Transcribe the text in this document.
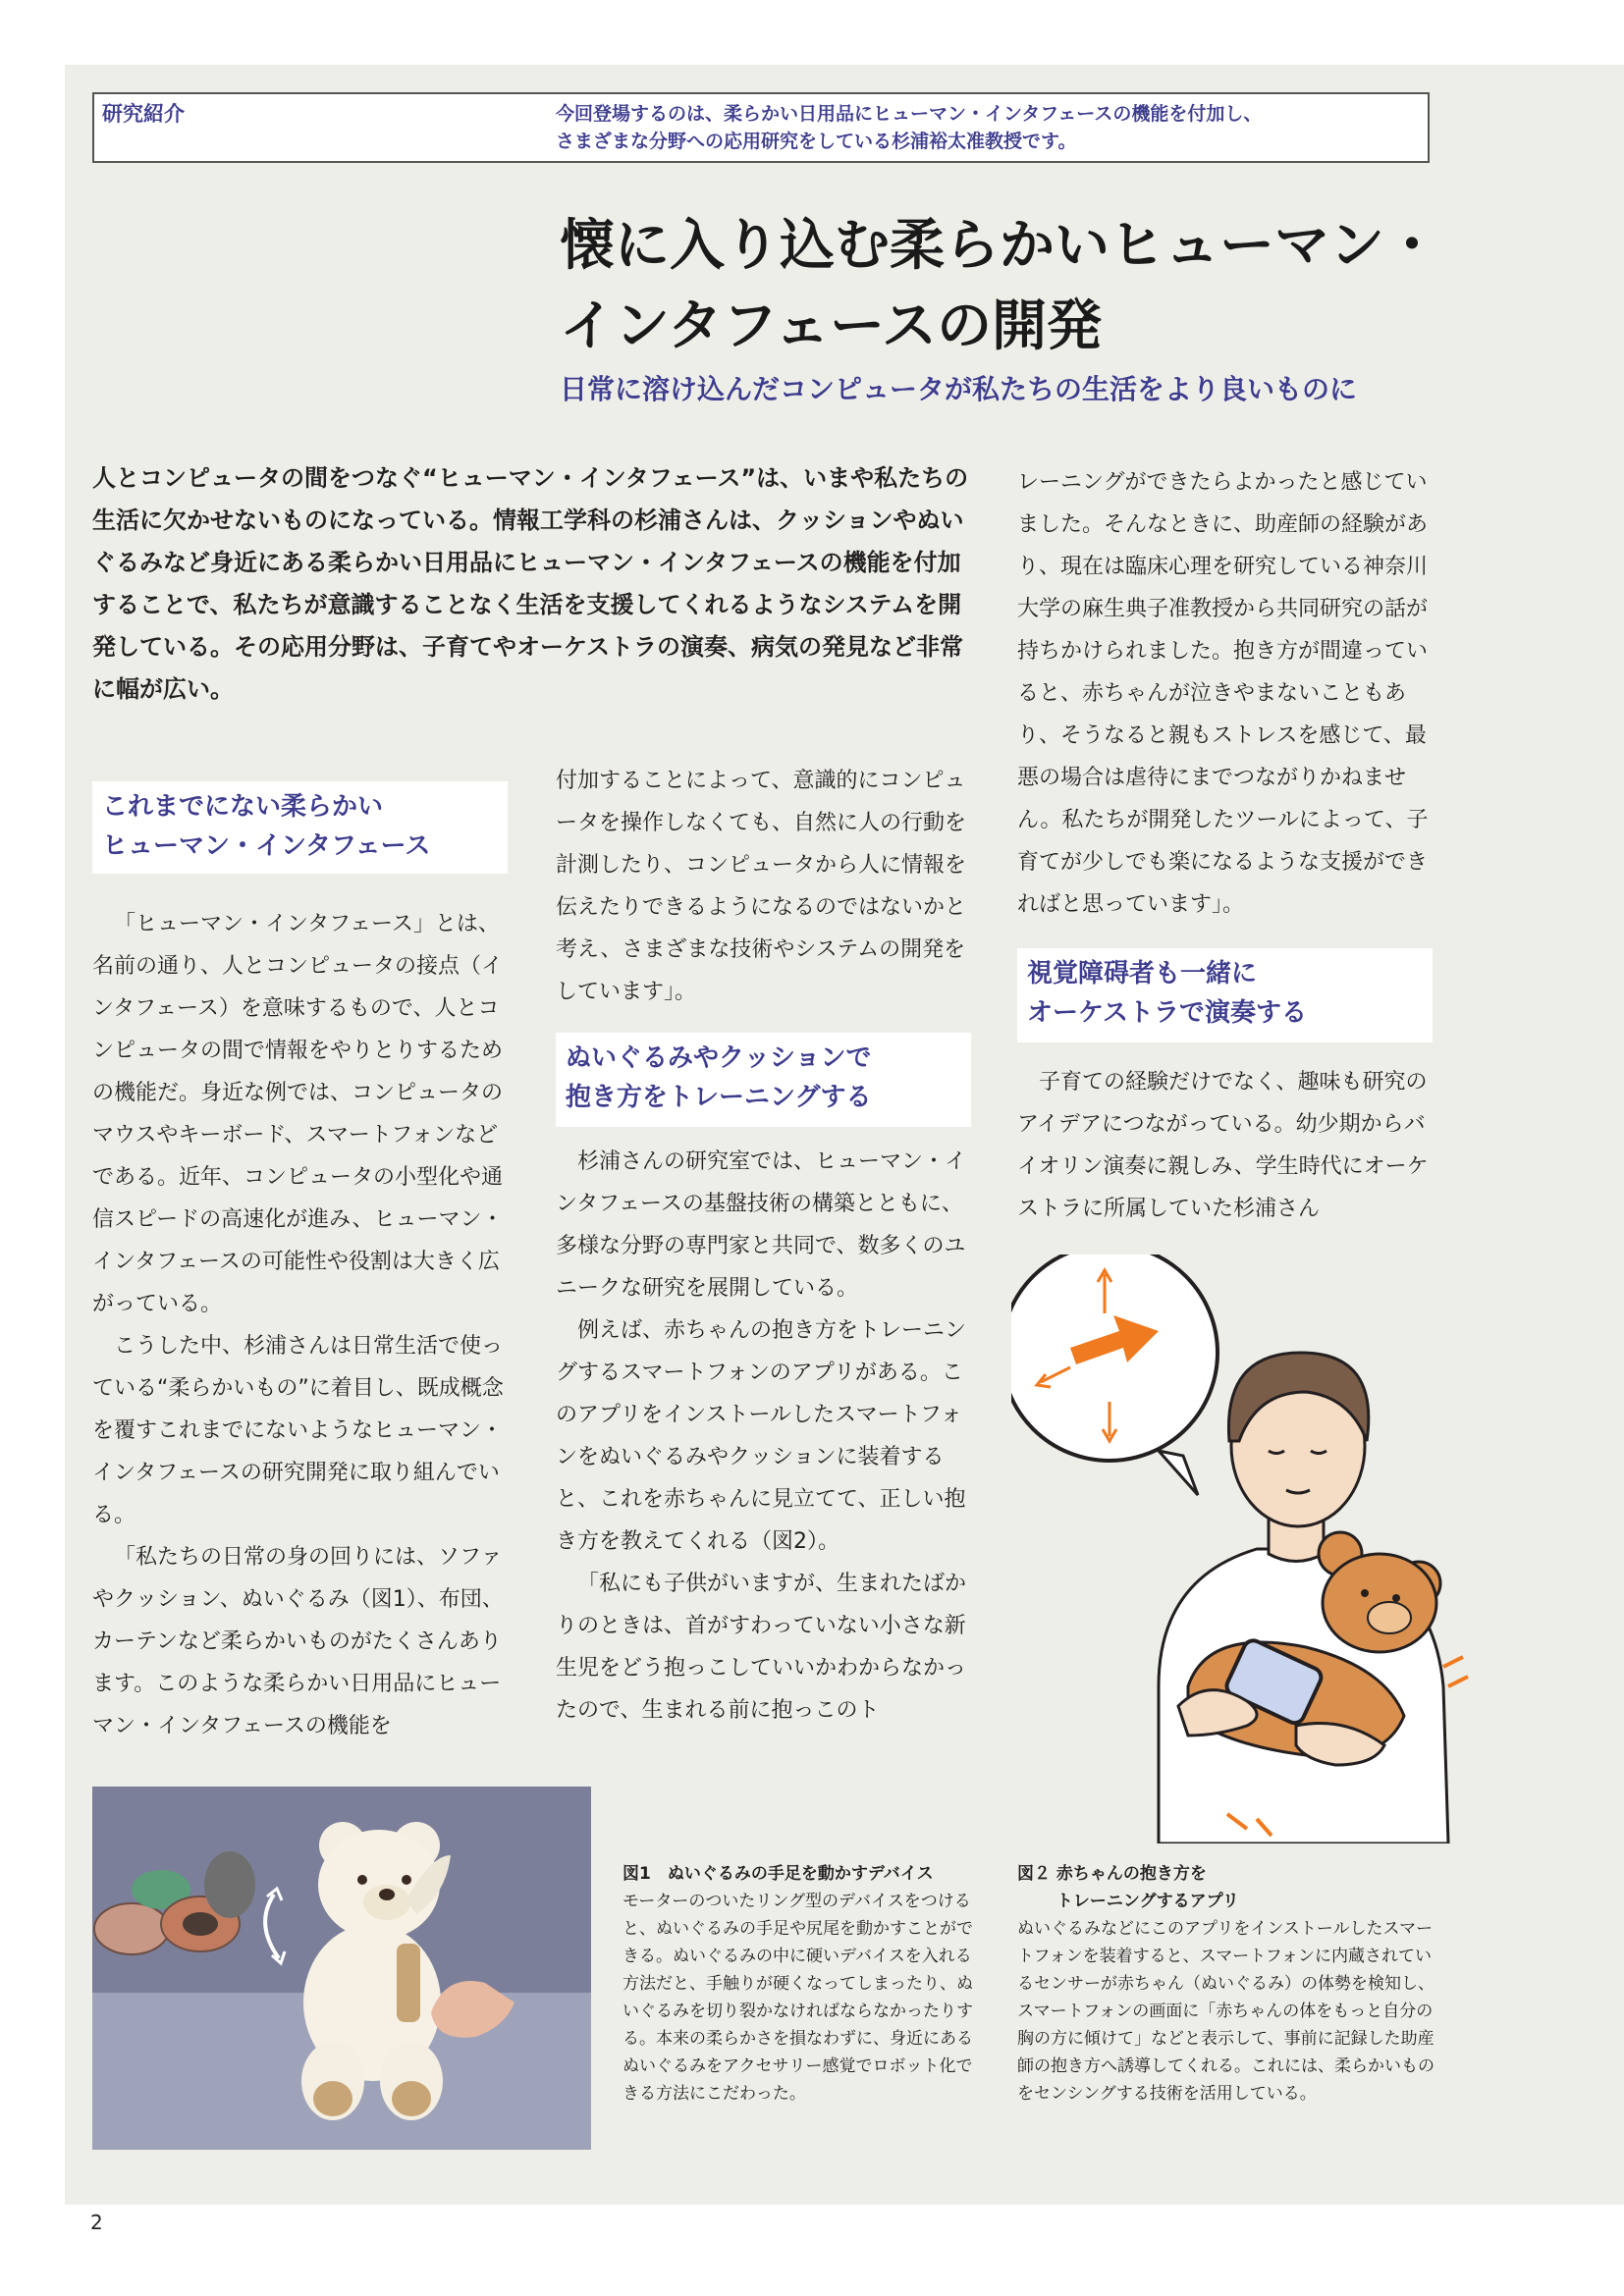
研究紹介	今回登場するのは、柔らかい日用品にヒューマン・インタフェースの機能を付加し、
さまざまな分野への応用研究をしている杉浦裕太准教授です。
懐に入り込む柔らかいヒューマン・
インタフェースの開発
日常に溶け込んだコンピュータが私たちの生活をより良いものに
人とコンピュータの間をつなぐ“ヒューマン・インタフェース”は、いまや私たちの生活に欠かせないものになっている。情報工学科の杉浦さんは、クッションやぬいぐるみなど身近にある柔らかい日用品にヒューマン・インタフェースの機能を付加することで、私たちが意識することなく生活を支援してくれるようなシステムを開発している。その応用分野は、子育てやオーケストラの演奏、病気の発見など非常に幅が広い。
これまでにない柔らかい
ヒューマン・インタフェース

「ヒューマン・インタフェース」とは、名前の通り、人とコンピュータの接点（インタフェース）を意味するもので、人とコンピュータの間で情報をやりとりするための機能だ。身近な例では、コンピュータのマウスやキーボード、スマートフォンなどである。近年、コンピュータの小型化や通信スピードの高速化が進み、ヒューマン・インタフェースの可能性や役割は大きく広がっている。

こうした中、杉浦さんは日常生活で使っている“柔らかいもの”に着目し、既成概念を覆すこれまでにないようなヒューマン・インタフェースの研究開発に取り組んでいる。

「私たちの日常の身の回りには、ソファやクッション、ぬいぐるみ（図1）、布団、カーテンなど柔らかいものがたくさんあります。このような柔らかい日用品にヒューマン・インタフェースの機能を

付加することによって、意識的にコンピュータを操作しなくても、自然に人の行動を計測したり、コンピュータから人に情報を伝えたりできるようになるのではないかと考え、さまざまな技術やシステムの開発をしています」。

ぬいぐるみやクッションで
抱き方をトレーニングする

杉浦さんの研究室では、ヒューマン・インタフェースの基盤技術の構築とともに、多様な分野の専門家と共同で、数多くのユニークな研究を展開している。

例えば、赤ちゃんの抱き方をトレーニングするスマートフォンのアプリがある。このアプリをインストールしたスマートフォンをぬいぐるみやクッションに装着すると、これを赤ちゃんに見立てて、正しい抱き方を教えてくれる（図2）。

「私にも子供がいますが、生まれたばかりのときは、首がすわっていない小さな新生児をどう抱っこしていいかわからなかったので、生まれる前に抱っこのト

レーニングができたらよかったと感じていました。そんなときに、助産師の経験があり、現在は臨床心理を研究している神奈川大学の麻生典子准教授から共同研究の話が持ちかけられました。抱き方が間違っていると、赤ちゃんが泣きやまないこともあり、そうなると親もストレスを感じて、最悪の場合は虐待にまでつながりかねません。私たちが開発したツールによって、子育てが少しでも楽になるような支援ができればと思っています」。

視覚障碍者も一緒に
オーケストラで演奏する

子育ての経験だけでなく、趣味も研究のアイデアにつながっている。幼少期からバイオリン演奏に親しみ、学生時代にオーケストラに所属していた杉浦さん

図1　ぬいぐるみの手足を動かすデバイス
モーターのついたリング型のデバイスをつけると、ぬいぐるみの手足や尻尾を動かすことができる。ぬいぐるみの中に硬いデバイスを入れる方法だと、手触りが硬くなってしまったり、ぬいぐるみを切り裂かなければならなかったりする。本来の柔らかさを損なわずに、身近にあるぬいぐるみをアクセサリー感覚でロボット化できる方法にこだわった。
図２ 赤ちゃんの抱き方を
　　 トレーニングするアプリ
ぬいぐるみなどにこのアプリをインストールしたスマートフォンを装着すると、スマートフォンに内蔵されているセンサーが赤ちゃん（ぬいぐるみ）の体勢を検知し、スマートフォンの画面に「赤ちゃんの体をもっと自分の胸の方に傾けて」などと表示して、事前に記録した助産師の抱き方へ誘導してくれる。これには、柔らかいものをセンシングする技術を活用している。
2
